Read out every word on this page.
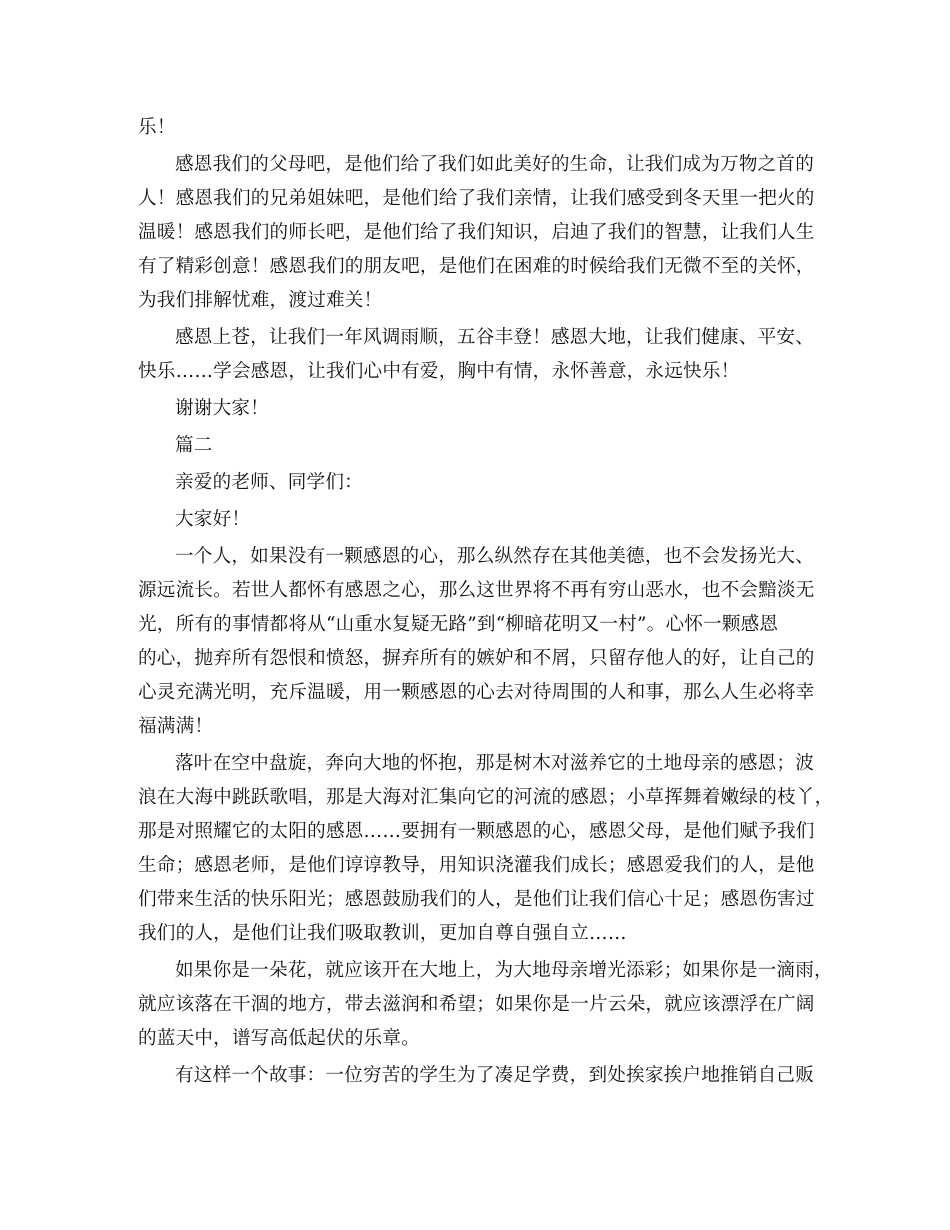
乐！
感恩我们的父母吧，是他们给了我们如此美好的生命，让我们成为万物之首的
人！感恩我们的兄弟姐妹吧，是他们给了我们亲情，让我们感受到冬天里一把火的
温暖！感恩我们的师长吧，是他们给了我们知识，启迪了我们的智慧，让我们人生
有了精彩创意！感恩我们的朋友吧，是他们在困难的时候给我们无微不至的关怀，
为我们排解忧难，渡过难关！
感恩上苍，让我们一年风调雨顺，五谷丰登！感恩大地，让我们健康、平安、
快乐……学会感恩，让我们心中有爱，胸中有情，永怀善意，永远快乐！
谢谢大家！
篇二
亲爱的老师、同学们：
大家好！
一个人，如果没有一颗感恩的心，那么纵然存在其他美德，也不会发扬光大、
源远流长。若世人都怀有感恩之心，那么这世界将不再有穷山恶水，也不会黯淡无
光，所有的事情都将从“山重水复疑无路”到“柳暗花明又一村”。心怀一颗感恩
的心，抛弃所有怨恨和愤怒，摒弃所有的嫉妒和不屑，只留存他人的好，让自己的
心灵充满光明，充斥温暖，用一颗感恩的心去对待周围的人和事，那么人生必将幸
福满满！
落叶在空中盘旋，奔向大地的怀抱，那是树木对滋养它的土地母亲的感恩；波
浪在大海中跳跃歌唱，那是大海对汇集向它的河流的感恩；小草挥舞着嫩绿的枝丫，
那是对照耀它的太阳的感恩……要拥有一颗感恩的心，感恩父母，是他们赋予我们
生命；感恩老师，是他们谆谆教导，用知识浇灌我们成长；感恩爱我们的人，是他
们带来生活的快乐阳光；感恩鼓励我们的人，是他们让我们信心十足；感恩伤害过
我们的人，是他们让我们吸取教训，更加自尊自强自立……
如果你是一朵花，就应该开在大地上，为大地母亲增光添彩；如果你是一滴雨，
就应该落在干涸的地方，带去滋润和希望；如果你是一片云朵，就应该漂浮在广阔
的蓝天中，谱写高低起伏的乐章。
有这样一个故事：一位穷苦的学生为了凑足学费，到处挨家挨户地推销自己贩
